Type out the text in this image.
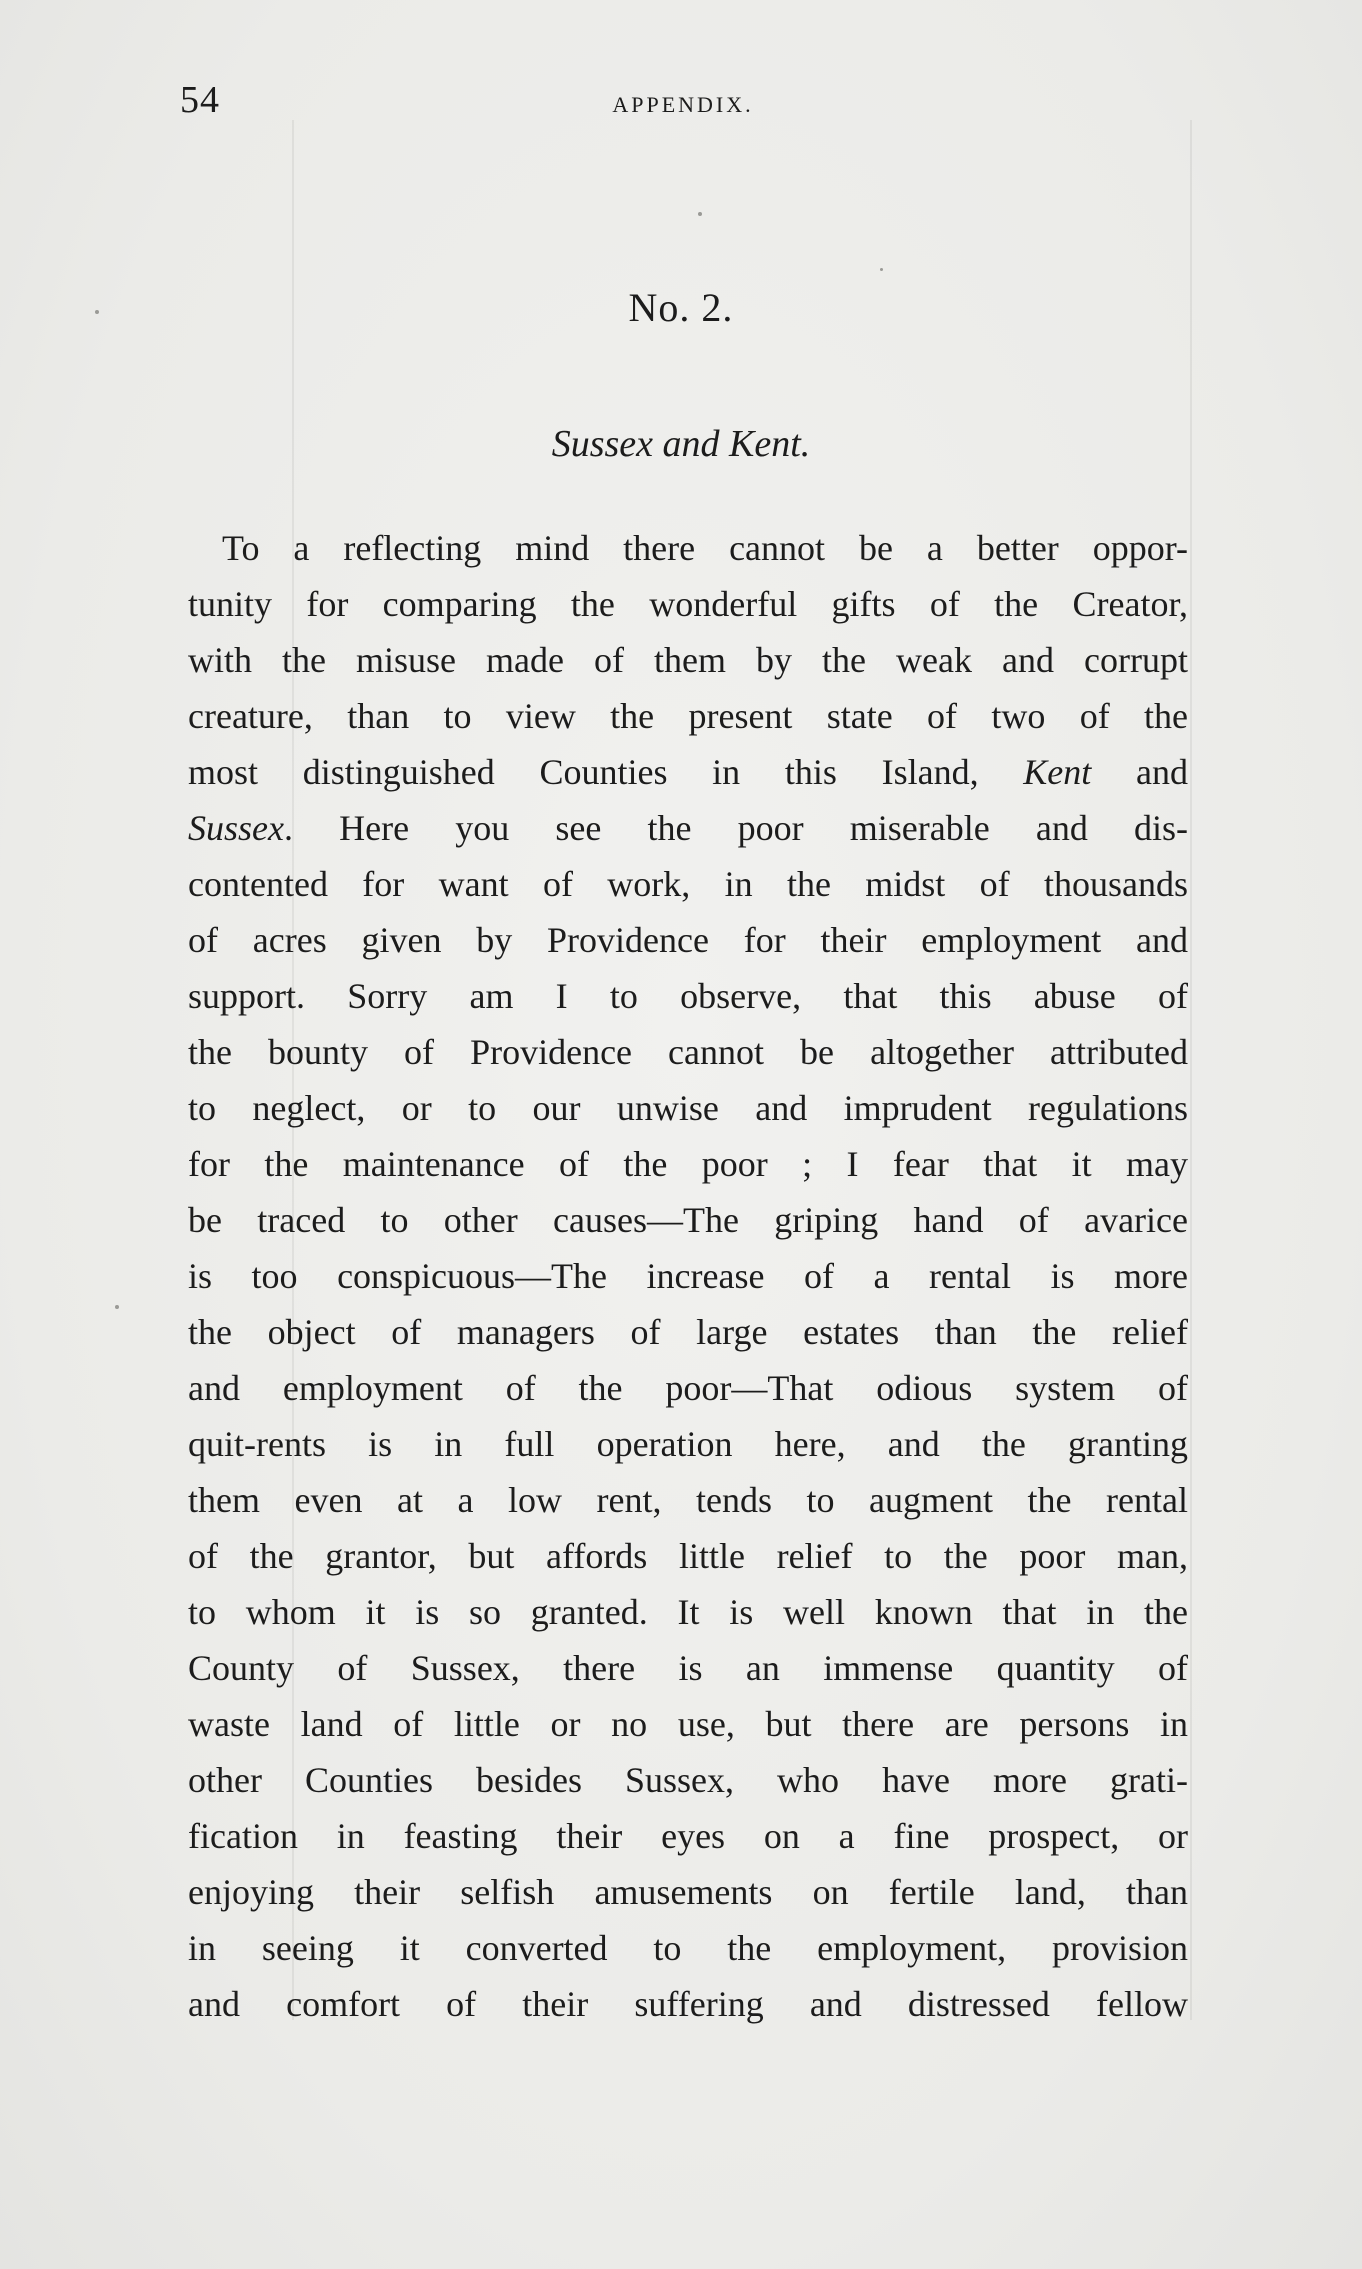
54	APPENDIX.
No. 2.
Sussex and Kent.
To a reflecting mind there cannot be a better oppor-
tunity for comparing the wonderful gifts of the Creator,
with the misuse made of them by the weak and corrupt
creature, than to view the present state of two of the
most distinguished Counties in this Island, Kent and
Sussex. Here you see the poor miserable and dis-
contented for want of work, in the midst of thousands
of acres given by Providence for their employment and
support. Sorry am I to observe, that this abuse of
the bounty of Providence cannot be altogether attributed
to neglect, or to our unwise and imprudent regulations
for the maintenance of the poor ; I fear that it may
be traced to other causes—The griping hand of avarice
is too conspicuous—The increase of a rental is more
the object of managers of large estates than the relief
and employment of the poor—That odious system of
quit-rents is in full operation here, and the granting
them even at a low rent, tends to augment the rental
of the grantor, but affords little relief to the poor man,
to whom it is so granted. It is well known that in the
County of Sussex, there is an immense quantity of
waste land of little or no use, but there are persons in
other Counties besides Sussex, who have more grati-
fication in feasting their eyes on a fine prospect, or
enjoying their selfish amusements on fertile land, than
in seeing it converted to the employment, provision
and comfort of their suffering and distressed fellow
